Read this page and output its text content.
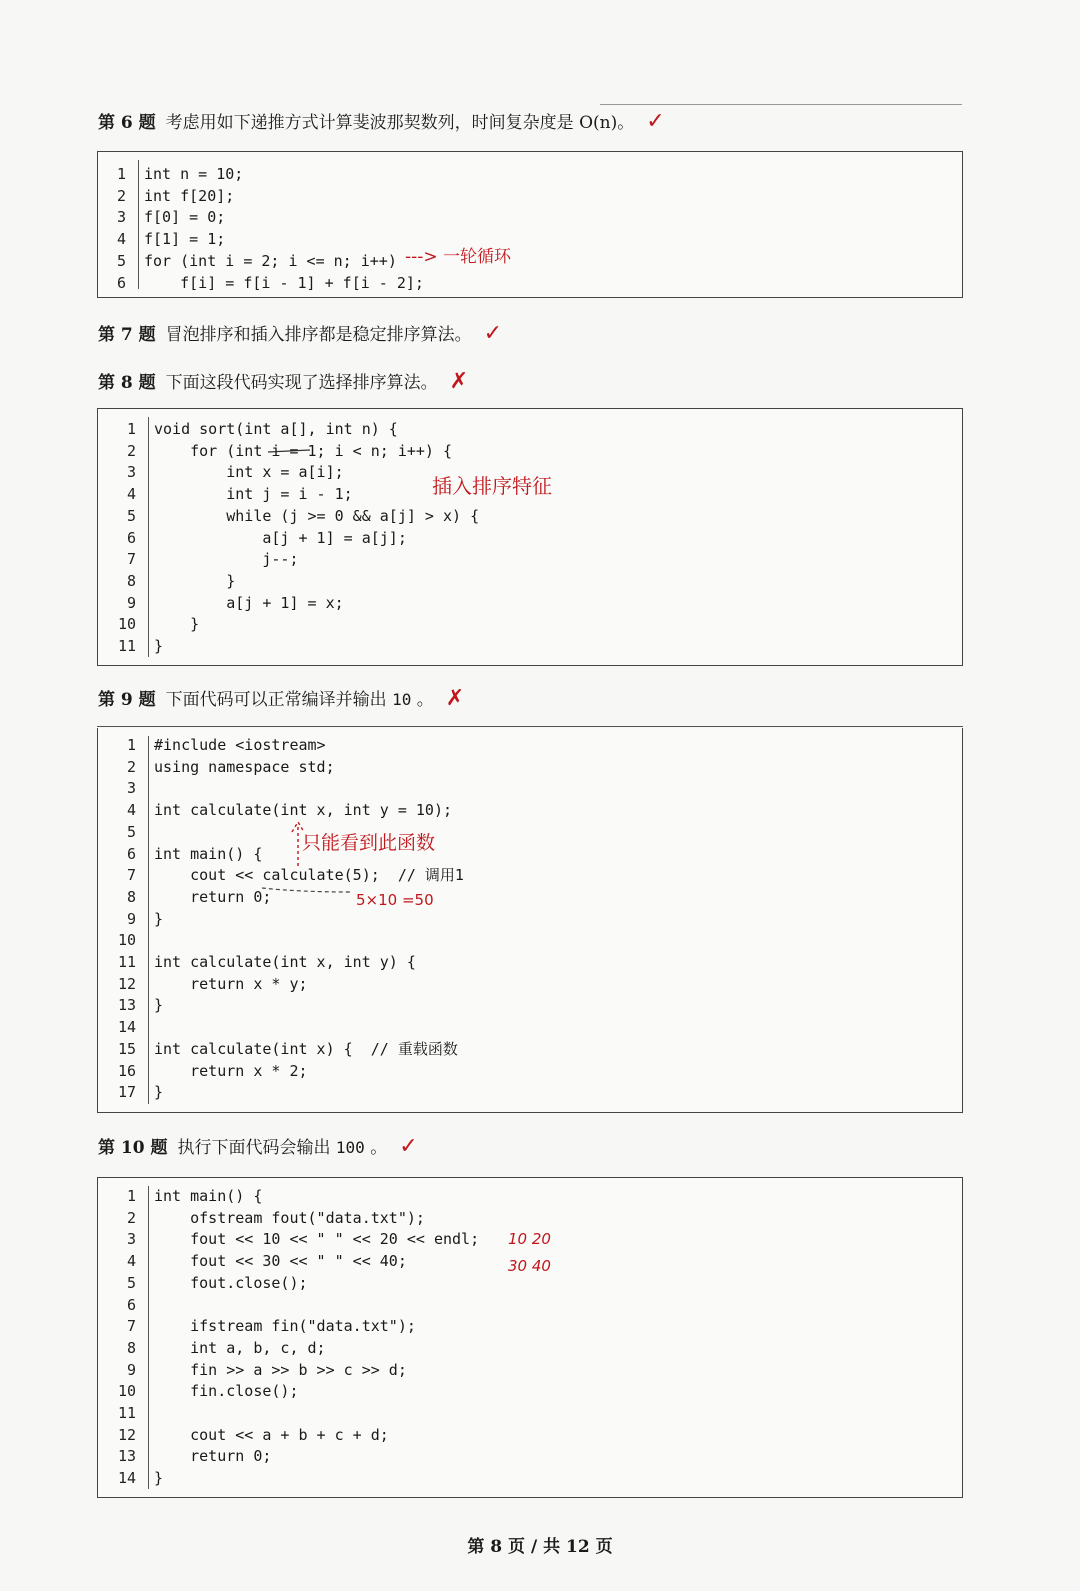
第 6 题 考虑用如下递推方式计算斐波那契数列，时间复杂度是 O(n)。 ✓
1 int n = 10;
2 int f[20];
3 f[0] = 0;
4 f[1] = 1;
5 for (int i = 2; i <= n; i++)
6 f[i] = f[i - 1] + f[i - 2];
---> 一轮循环
第 7 题 冒泡排序和插入排序都是稳定排序算法。 ✓
第 8 题 下面这段代码实现了选择排序算法。 ✗
1 void sort(int a[], int n) {
2 for (int i = 1; i < n; i++) {
3 int x = a[i];
4 int j = i - 1;
5 while (j >= 0 && a[j] > x) {
6 a[j + 1] = a[j];
7 j--;
8 }
9 a[j + 1] = x;
10 }
11 }
插入排序特征
第 9 题 下面代码可以正常编译并输出 10 。 ✗
1 #include <iostream>
2 using namespace std;
3
4 int calculate(int x, int y = 10);
5
6 int main() {
7 cout << calculate(5);  // 调用1
8 return 0;
9 }
10
11 int calculate(int x, int y) {
12 return x * y;
13 }
14
15 int calculate(int x) {  // 重载函数
16 return x * 2;
17 }
只能看到此函数
5×10 =50
第 10 题 执行下面代码会输出 100 。 ✓
1 int main() {
2 ofstream fout("data.txt");
3 fout << 10 << " " << 20 << endl;
4 fout << 30 << " " << 40;
5 fout.close();
6
7 ifstream fin("data.txt");
8 int a, b, c, d;
9 fin >> a >> b >> c >> d;
10 fin.close();
11
12 cout << a + b + c + d;
13 return 0;
14 }
10 20
30 40
第 8 页 / 共 12 页
